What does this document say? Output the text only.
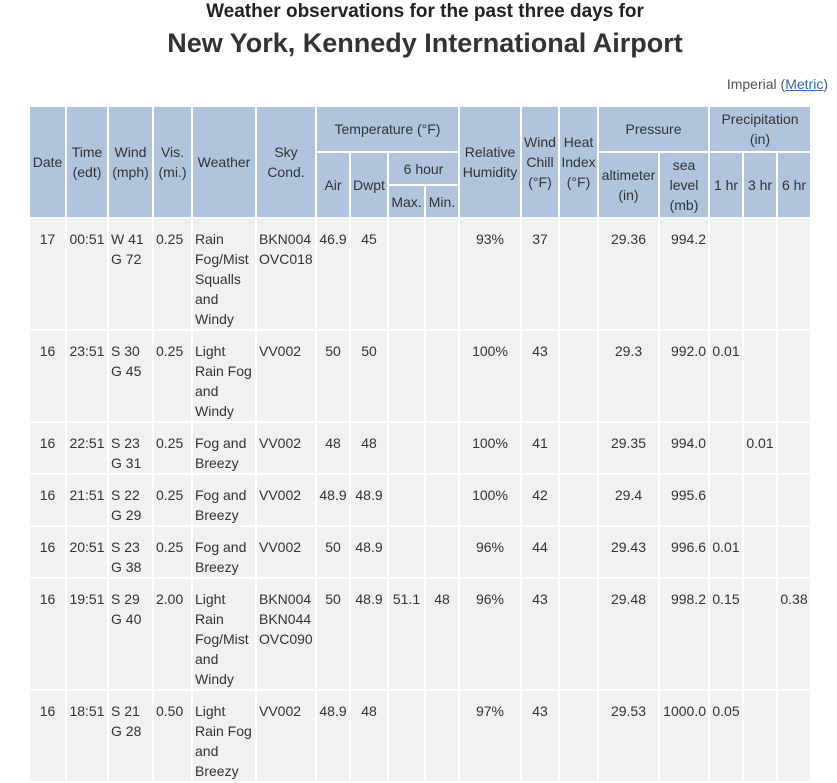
Weather observations for the past three days for
New York, Kennedy International Airport
Imperial (Metric)
Date	Time (edt)	Wind (mph)	Vis. (mi.)	Weather	Sky Cond.	Temperature (°F)				Relative Humidity	Wind Chill (°F)	Heat Index (°F)	Pressure		Precipitation (in)		
						Air	Dwpt	6 hour					altimeter (in)	sea level (mb)	1 hr	3 hr	6 hr
								Max.	Min.								
17	00:51	W 41 G 72	0.25	Rain Fog/Mist Squalls and Windy	BKN004 OVC018	46.9	45			93%	37		29.36	994.2			
16	23:51	S 30 G 45	0.25	Light Rain Fog and Windy	VV002	50	50			100%	43		29.3	992.0	0.01		
16	22:51	S 23 G 31	0.25	Fog and Breezy	VV002	48	48			100%	41		29.35	994.0		0.01	
16	21:51	S 22 G 29	0.25	Fog and Breezy	VV002	48.9	48.9			100%	42		29.4	995.6			
16	20:51	S 23 G 38	0.25	Fog and Breezy	VV002	50	48.9			96%	44		29.43	996.6	0.01		
16	19:51	S 29 G 40	2.00	Light Rain Fog/Mist and Windy	BKN004 BKN044 OVC090	50	48.9	51.1	48	96%	43		29.48	998.2	0.15		0.38
16	18:51	S 21 G 28	0.50	Light Rain Fog and Breezy	VV002	48.9	48			97%	43		29.53	1000.0	0.05		
